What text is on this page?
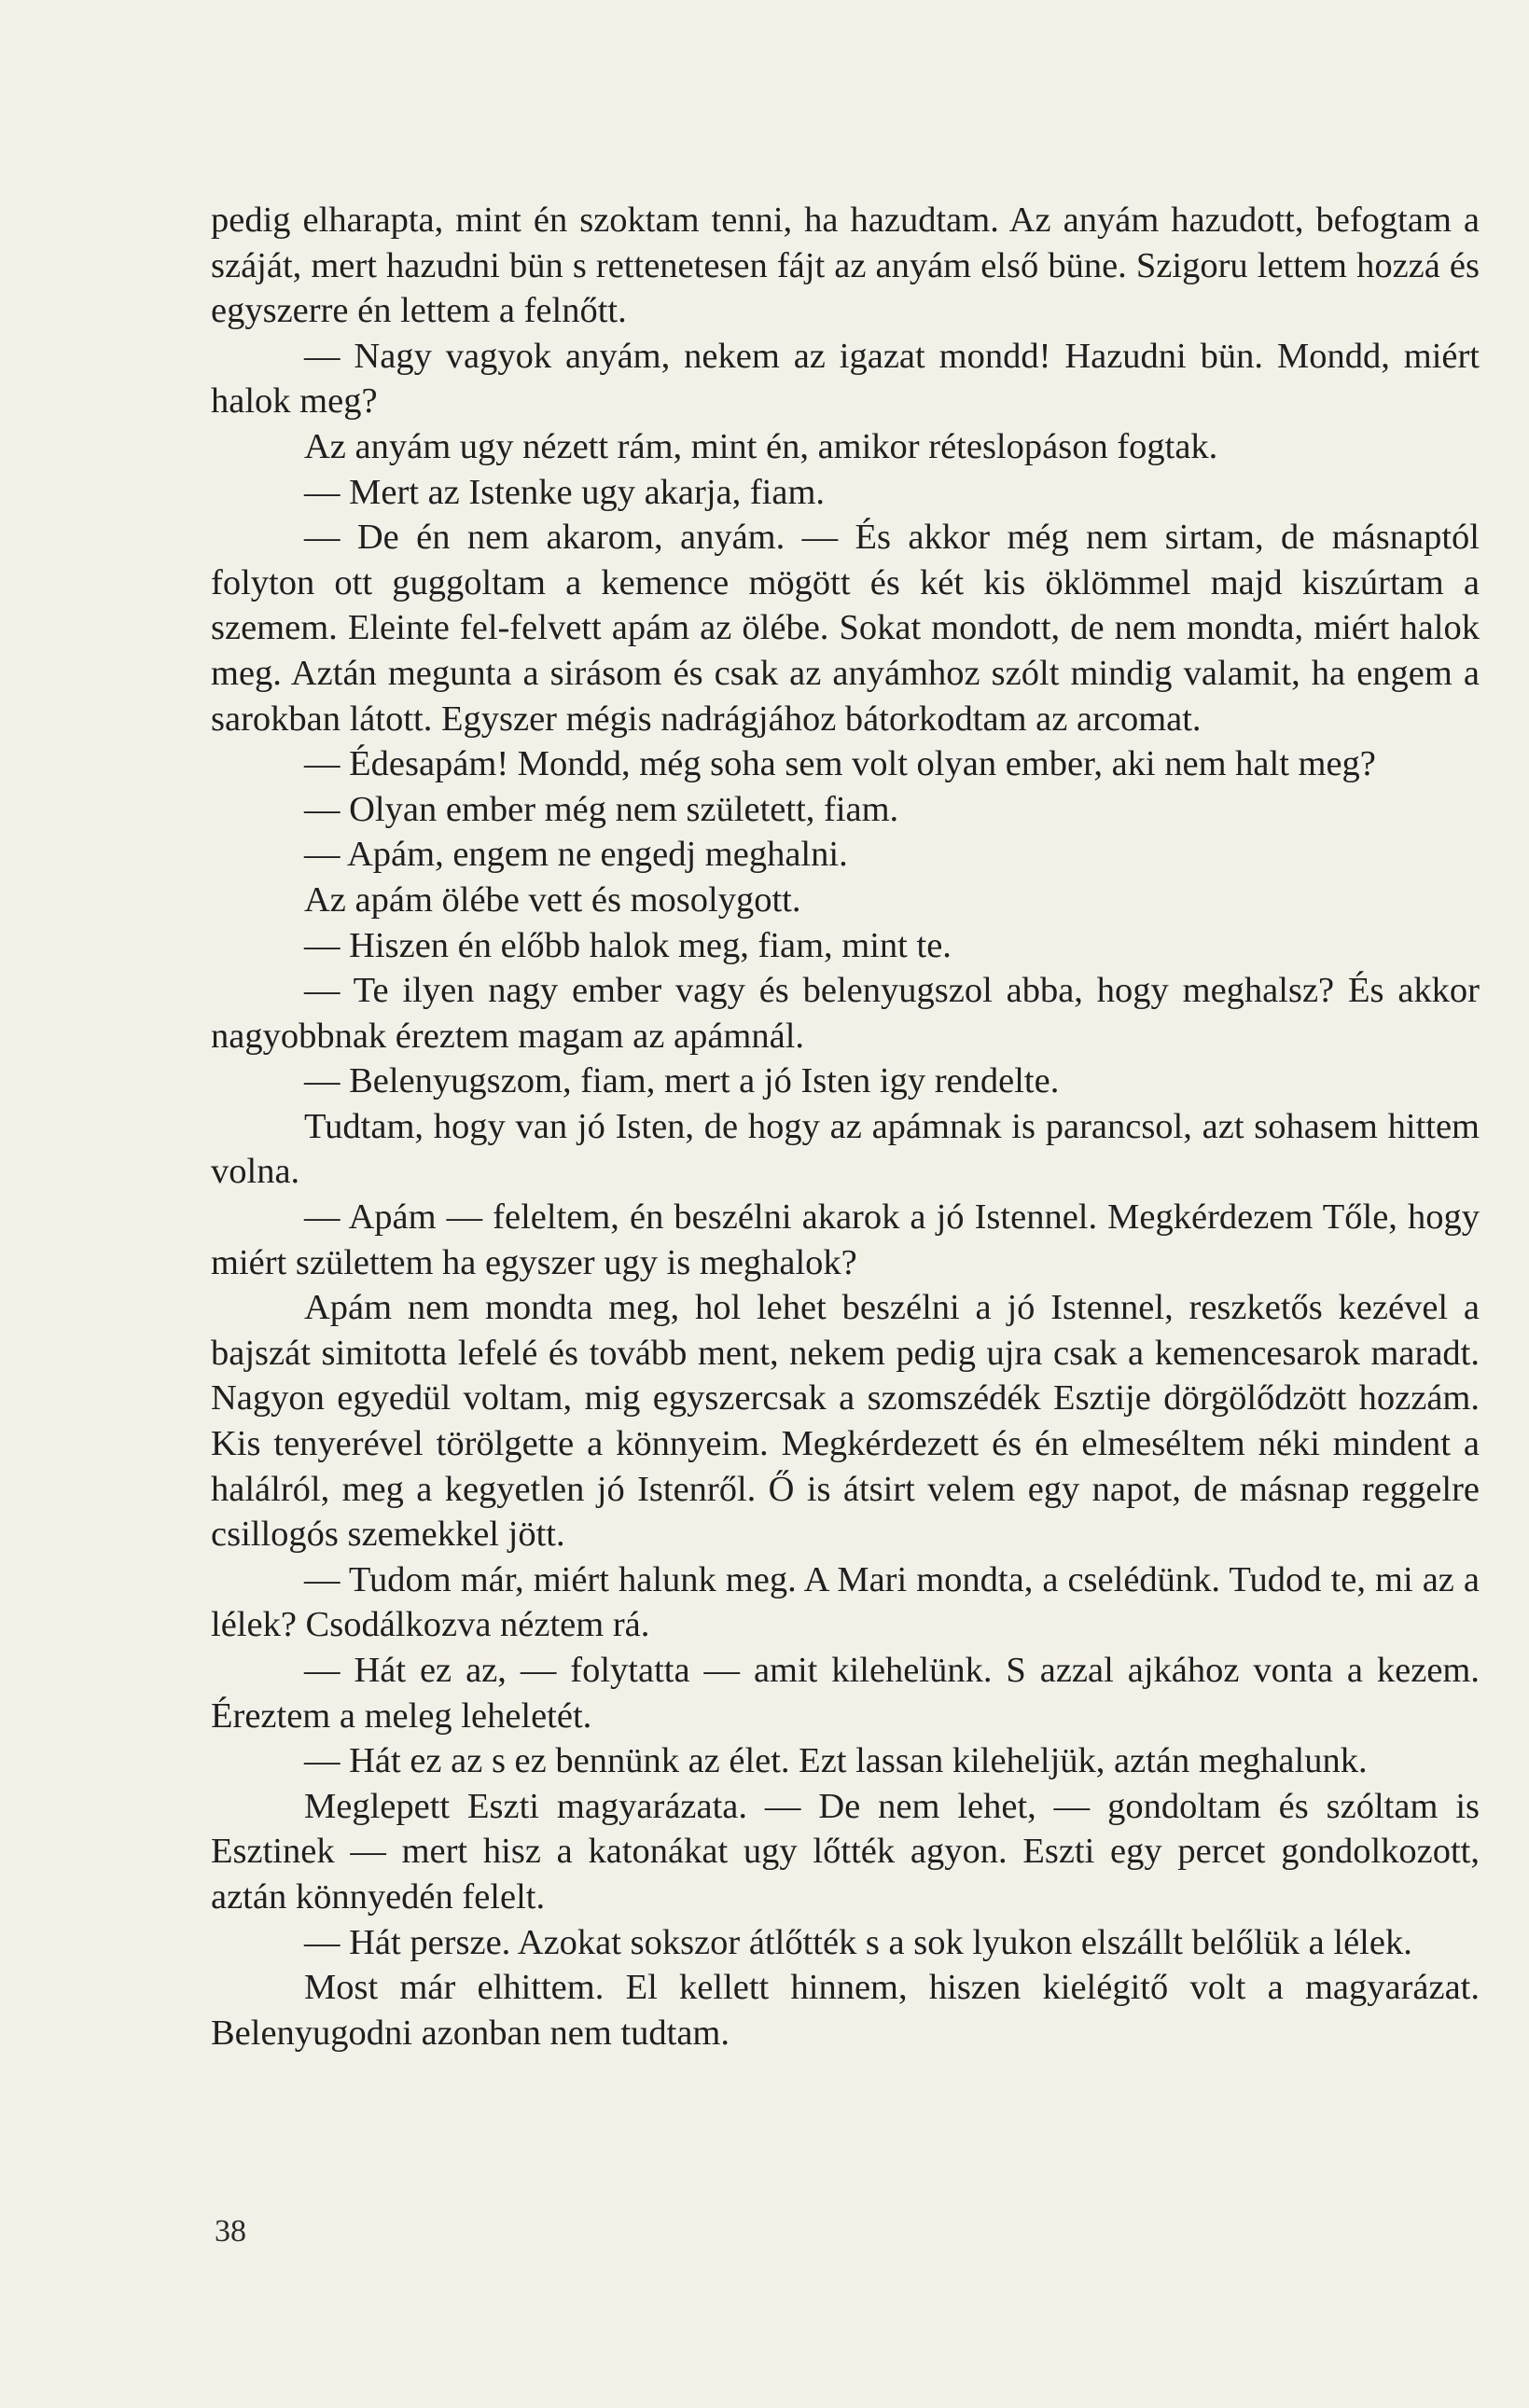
pedig elharapta, mint én szoktam tenni, ha hazudtam. Az anyám hazudott, befogtam a száját, mert hazudni bün s rettenetesen fájt az anyám első büne. Szigoru lettem hozzá és egyszerre én lettem a felnőtt.

— Nagy vagyok anyám, nekem az igazat mondd! Hazudni bün. Mondd, miért halok meg?

Az anyám ugy nézett rám, mint én, amikor réteslopáson fogtak.

— Mert az Istenke ugy akarja, fiam.

— De én nem akarom, anyám. — És akkor még nem sirtam, de másnaptól folyton ott guggoltam a kemence mögött és két kis öklömmel majd kiszúrtam a szemem. Eleinte fel-felvett apám az ölébe. Sokat mondott, de nem mondta, miért halok meg. Aztán megunta a sirásom és csak az anyámhoz szólt mindig valamit, ha engem a sarokban látott. Egyszer mégis nadrágjához bátorkodtam az arcomat.

— Édesapám! Mondd, még soha sem volt olyan ember, aki nem halt meg?

— Olyan ember még nem született, fiam.

— Apám, engem ne engedj meghalni.

Az apám ölébe vett és mosolygott.

— Hiszen én előbb halok meg, fiam, mint te.

— Te ilyen nagy ember vagy és belenyugszol abba, hogy meghalsz? És akkor nagyobbnak éreztem magam az apámnál.

— Belenyugszom, fiam, mert a jó Isten igy rendelte.

Tudtam, hogy van jó Isten, de hogy az apámnak is parancsol, azt sohasem hittem volna.

— Apám — feleltem, én beszélni akarok a jó Istennel. Megkérdezem Tőle, hogy miért születtem ha egyszer ugy is meghalok?

Apám nem mondta meg, hol lehet beszélni a jó Istennel, reszketős kezével a bajszát simitotta lefelé és tovább ment, nekem pedig ujra csak a kemencesarok maradt. Nagyon egyedül voltam, mig egyszercsak a szomszédék Esztije dörgölődzött hozzám. Kis tenyerével törölgette a könnyeim. Megkérdezett és én elmeséltem néki mindent a halálról, meg a kegyetlen jó Istenről. Ő is átsirt velem egy napot, de másnap reggelre csillogós szemekkel jött.

— Tudom már, miért halunk meg. A Mari mondta, a cselédünk. Tudod te, mi az a lélek? Csodálkozva néztem rá.

— Hát ez az, — folytatta — amit kilehelünk. S azzal ajkához vonta a kezem. Éreztem a meleg leheletét.

— Hát ez az s ez bennünk az élet. Ezt lassan kileheljük, aztán meghalunk.

Meglepett Eszti magyarázata. — De nem lehet, — gondoltam és szóltam is Esztinek — mert hisz a katonákat ugy lőtték agyon. Eszti egy percet gondolkozott, aztán könnyedén felelt.

— Hát persze. Azokat sokszor átlőtték s a sok lyukon elszállt belőlük a lélek.

Most már elhittem. El kellett hinnem, hiszen kielégitő volt a magyarázat. Belenyugodni azonban nem tudtam.

38
